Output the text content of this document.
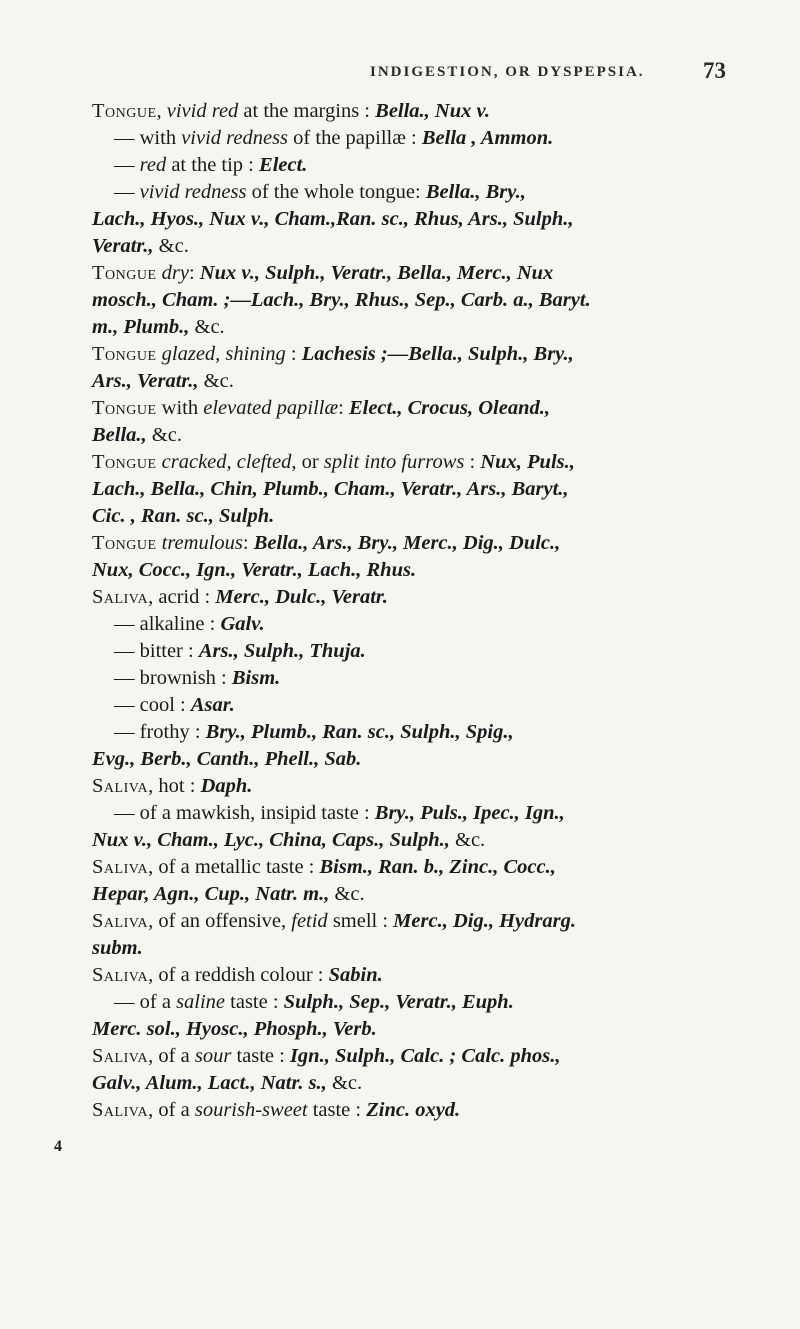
INDIGESTION, OR DYSPEPSIA.	73
Tongue, vivid red at the margins : Bella., Nux v.
— with vivid redness of the papillæ : Bella , Ammon.
— red at the tip : Elect.
— vivid redness of the whole tongue: Bella., Bry.,
Lach., Hyos., Nux v., Cham.,Ran. sc., Rhus, Ars., Sulph.,
Veratr., &c.
Tongue dry: Nux v., Sulph., Veratr., Bella., Merc., Nux
mosch., Cham. ;—Lach., Bry., Rhus., Sep., Carb. a., Baryt.
m., Plumb., &c.
Tongue glazed, shining : Lachesis ;—Bella., Sulph., Bry.,
Ars., Veratr., &c.
Tongue with elevated papillæ: Elect., Crocus, Oleand.,
Bella., &c.
Tongue cracked, clefted, or split into furrows : Nux, Puls.,
Lach., Bella., Chin, Plumb., Cham., Veratr., Ars., Baryt.,
Cic. , Ran. sc., Sulph.
Tongue tremulous: Bella., Ars., Bry., Merc., Dig., Dulc.,
Nux, Cocc., Ign., Veratr., Lach., Rhus.
Saliva, acrid : Merc., Dulc., Veratr.
— alkaline : Galv.
— bitter : Ars., Sulph., Thuja.
— brownish : Bism.
— cool : Asar.
— frothy : Bry., Plumb., Ran. sc., Sulph., Spig.,
Evg., Berb., Canth., Phell., Sab.
Saliva, hot : Daph.
— of a mawkish, insipid taste : Bry., Puls., Ipec., Ign.,
Nux v., Cham., Lyc., China, Caps., Sulph., &c.
Saliva, of a metallic taste : Bism., Ran. b., Zinc., Cocc.,
Hepar, Agn., Cup., Natr. m., &c.
Saliva, of an offensive, fetid smell : Merc., Dig., Hydrarg.
subm.
Saliva, of a reddish colour : Sabin.
— of a saline taste : Sulph., Sep., Veratr., Euph.
Merc. sol., Hyosc., Phosph., Verb.
Saliva, of a sour taste : Ign., Sulph., Calc. ; Calc. phos.,
Galv., Alum., Lact., Natr. s., &c.
Saliva, of a sourish-sweet taste : Zinc. oxyd.
4
